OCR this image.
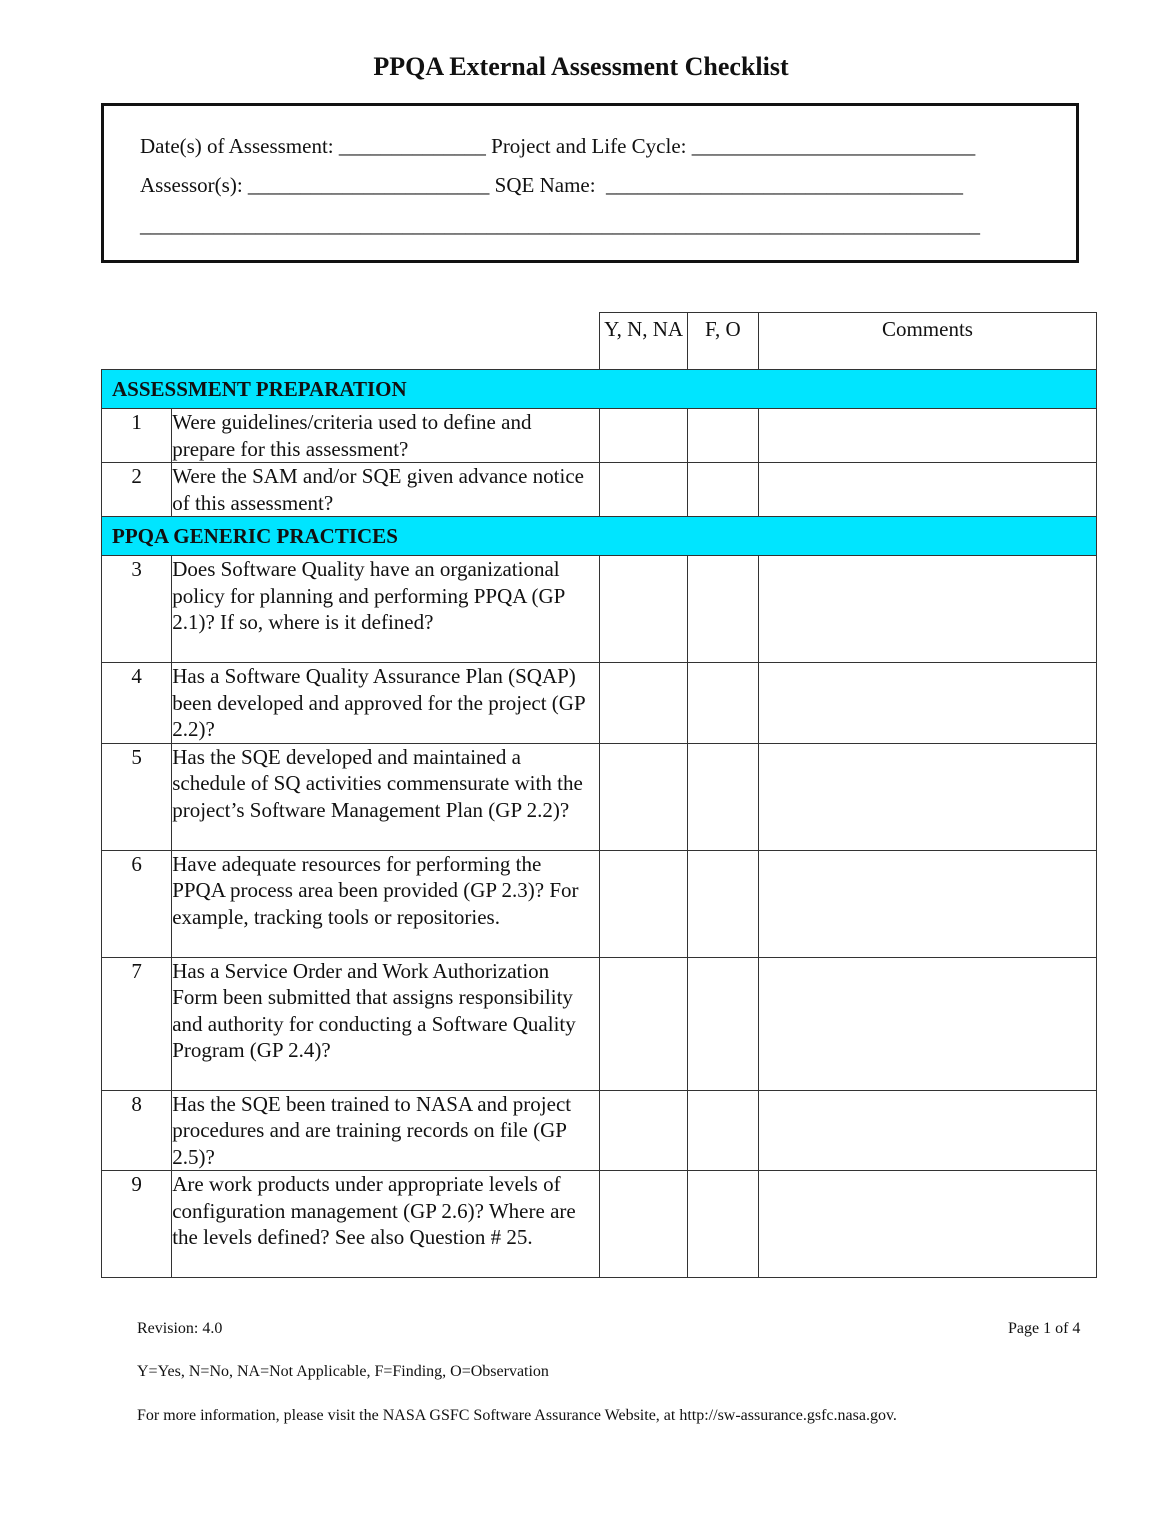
PPQA External Assessment Checklist
Date(s) of Assessment: ______________ Project and Life Cycle: ___________________________
Assessor(s): _______________________ SQE Name:  __________________________________
________________________________________________________________________________
		Y, N, NA	F, O	Comments
ASSESSMENT PREPARATION				
1	Were guidelines/criteria used to define and prepare for this assessment?			
2	Were the SAM and/or SQE given advance notice of this assessment?			
PPQA GENERIC PRACTICES				
3	Does Software Quality have an organizational policy for planning and performing PPQA (GP 2.1)? If so, where is it defined?			
4	Has a Software Quality Assurance Plan (SQAP) been developed and approved for the project (GP 2.2)?			
5	Has the SQE developed and maintained a schedule of SQ activities commensurate with the project’s Software Management Plan (GP 2.2)?			
6	Have adequate resources for performing the PPQA process area been provided (GP 2.3)? For example, tracking tools or repositories.			
7	Has a Service Order and Work Authorization Form been submitted that assigns responsibility and authority for conducting a Software Quality Program (GP 2.4)?			
8	Has the SQE been trained to NASA and project procedures and are training records on file (GP 2.5)?			
9	Are work products under appropriate levels of configuration management (GP 2.6)? Where are the levels defined? See also Question # 25.			
Revision: 4.0	Page 1 of 4
Y=Yes, N=No, NA=Not Applicable, F=Finding, O=Observation
For more information, please visit the NASA GSFC Software Assurance Website, at http://sw-assurance.gsfc.nasa.gov.
